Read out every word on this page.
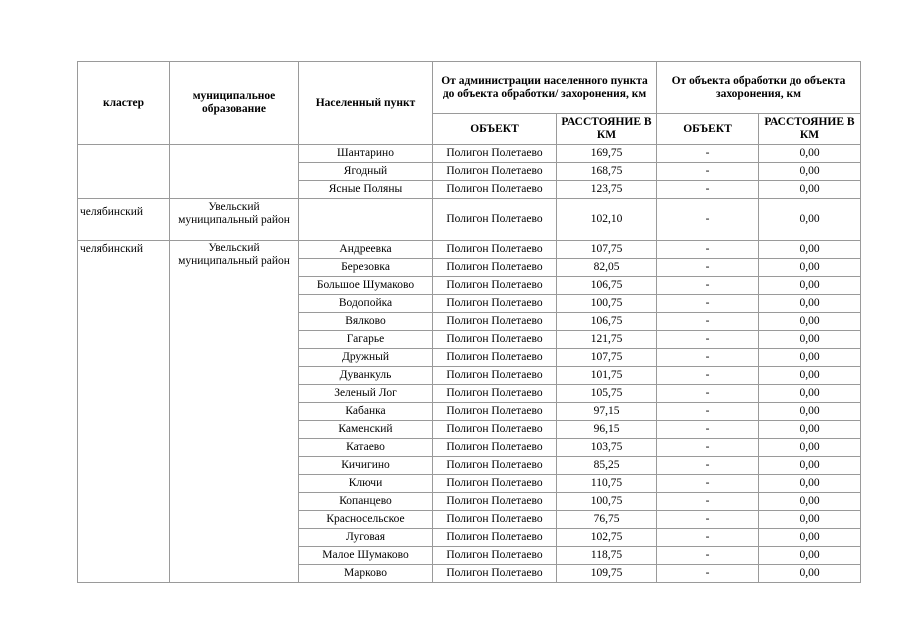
кластер	муниципальное образование	Населенный пункт	От администрации населенного пункта до объекта обработки/ захоронения, км		От объекта обработки до объекта захоронения, км	
			ОБЪЕКТ	РАССТОЯНИЕ В КМ	ОБЪЕКТ	РАССТОЯНИЕ В КМ
		Шантарино	Полигон Полетаево	169,75	-	0,00
		Ягодный	Полигон Полетаево	168,75	-	0,00
		Ясные Поляны	Полигон Полетаево	123,75	-	0,00
челябинский	Увельский муниципальный район		Полигон Полетаево	102,10	-	0,00
челябинский	Увельский муниципальный район	Андреевка	Полигон Полетаево	107,75	-	0,00
		Березовка	Полигон Полетаево	82,05	-	0,00
		Большое Шумаково	Полигон Полетаево	106,75	-	0,00
		Водопойка	Полигон Полетаево	100,75	-	0,00
		Вялково	Полигон Полетаево	106,75	-	0,00
		Гагарье	Полигон Полетаево	121,75	-	0,00
		Дружный	Полигон Полетаево	107,75	-	0,00
		Дуванкуль	Полигон Полетаево	101,75	-	0,00
		Зеленый Лог	Полигон Полетаево	105,75	-	0,00
		Кабанка	Полигон Полетаево	97,15	-	0,00
		Каменский	Полигон Полетаево	96,15	-	0,00
		Катаево	Полигон Полетаево	103,75	-	0,00
		Кичигино	Полигон Полетаево	85,25	-	0,00
		Ключи	Полигон Полетаево	110,75	-	0,00
		Копанцево	Полигон Полетаево	100,75	-	0,00
		Красносельское	Полигон Полетаево	76,75	-	0,00
		Луговая	Полигон Полетаево	102,75	-	0,00
		Малое Шумаково	Полигон Полетаево	118,75	-	0,00
		Марково	Полигон Полетаево	109,75	-	0,00
